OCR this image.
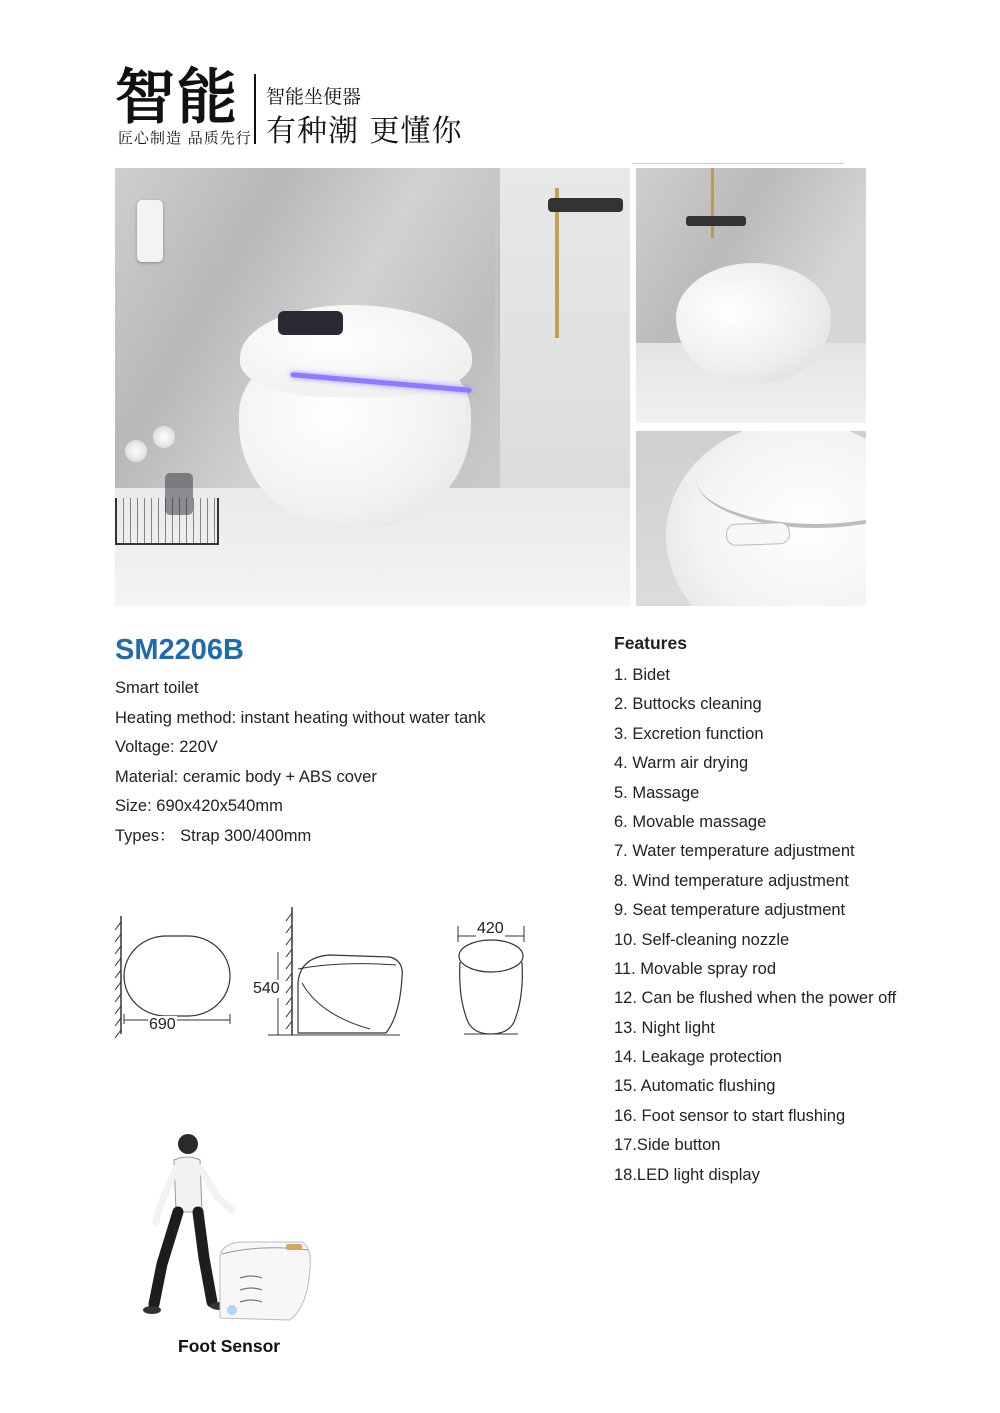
智能
匠心制造 品质先行
智能坐便器
有种潮 更懂你
SM2206B
Smart toilet
Heating method: instant heating without water tank
Voltage: 220V
Material: ceramic body + ABS cover
Size: 690x420x540mm
Types： Strap 300/400mm
Features
1. Bidet
2. Buttocks cleaning
3. Excretion function
4. Warm air drying
5. Massage
6. Movable massage
7. Water temperature adjustment
8. Wind temperature adjustment
9. Seat temperature adjustment
10. Self-cleaning nozzle
11. Movable spray rod
12. Can be flushed when the power off
13. Night light
14. Leakage protection
15. Automatic flushing
16. Foot sensor to start flushing
17.Side button
18.LED light display
690
540
420
Foot Sensor
